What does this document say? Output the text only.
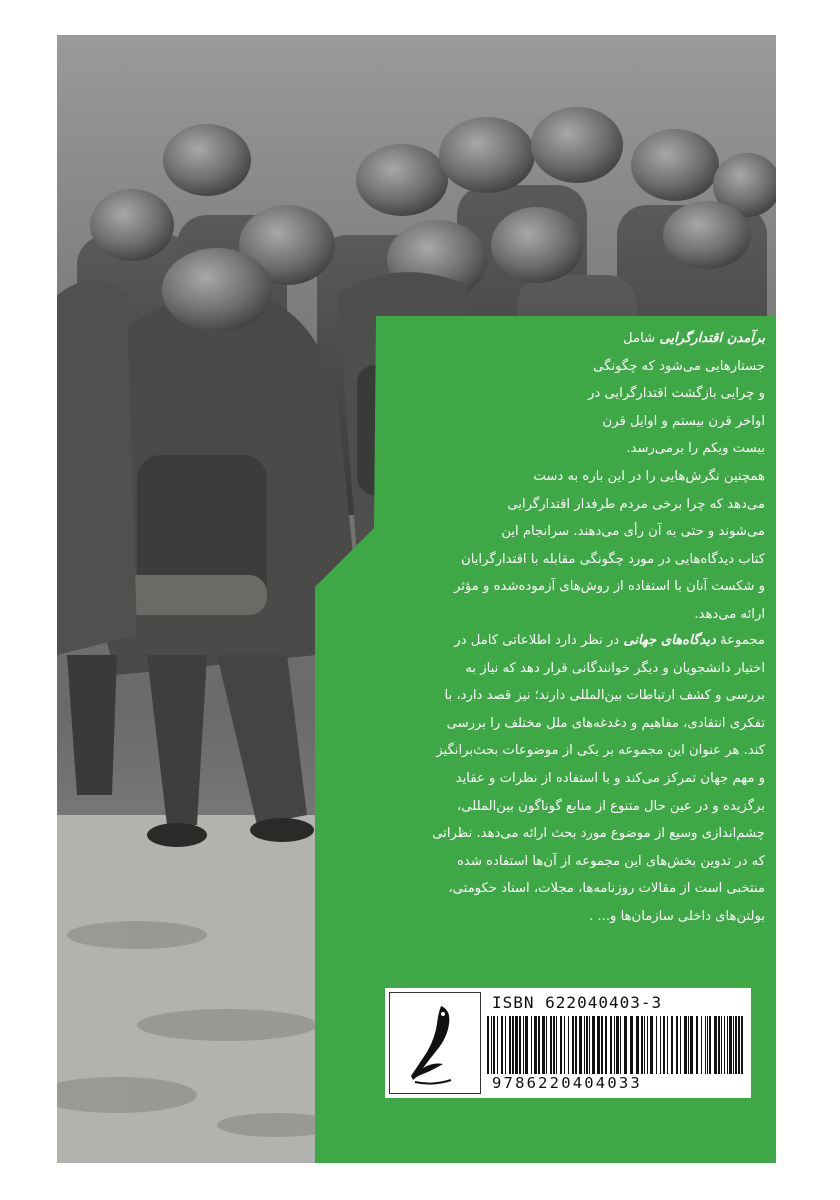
برآمدن اقتدارگرایی شامل
جستارهایی می‌شود که چگونگی
و چرایی بازگشت اقتدارگرایی در
اواخر قرن بیستم و اوایل قرن
بیست ویکم را برمی‌رسد.
همچنین نگرش‌هایی را در این باره به دست
می‌دهد که چرا برخی مردم طرفدار اقتدارگرایی
می‌شوند و حتی به آن رأی می‌دهند. سرانجام این
کتاب دیدگاه‌هایی در مورد چگونگی مقابله با اقتدارگرایان
و شکست آنان با استفاده از روش‌های آزموده‌شده و مؤثر
ارائه می‌دهد.
مجموعهٔ دیدگاه‌های جهانی در نظر دارد اطلاعاتی کامل در
اختیار دانشجویان و دیگر خوانندگانی قرار دهد که نیاز به
بررسی و کشف ارتباطات بین‌المللی دارند؛ نیز قصد دارد، با
تفکری انتقادی، مفاهیم و دغدغه‌های ملل مختلف را بررسی
کند. هر عنوان این مجموعه بر یکی از موضوعات بحث‌برانگیز
و مهم جهان تمرکز می‌کند و با استفاده از نظرات و عقاید
برگزیده و در عین حال متنوع از منابع گوناگون بین‌المللی،
چشم‌اندازی وسیع از موضوع مورد بحث ارائه می‌دهد. نظراتی
که در تدوین بخش‌های این مجموعه از آن‌ها استفاده شده
منتخبی است از مقالات روزنامه‌ها، مجلات، اسناد حکومتی،
بولتن‌های داخلی سازمان‌ها و... .
ISBN 622040403-3
9786220404033
